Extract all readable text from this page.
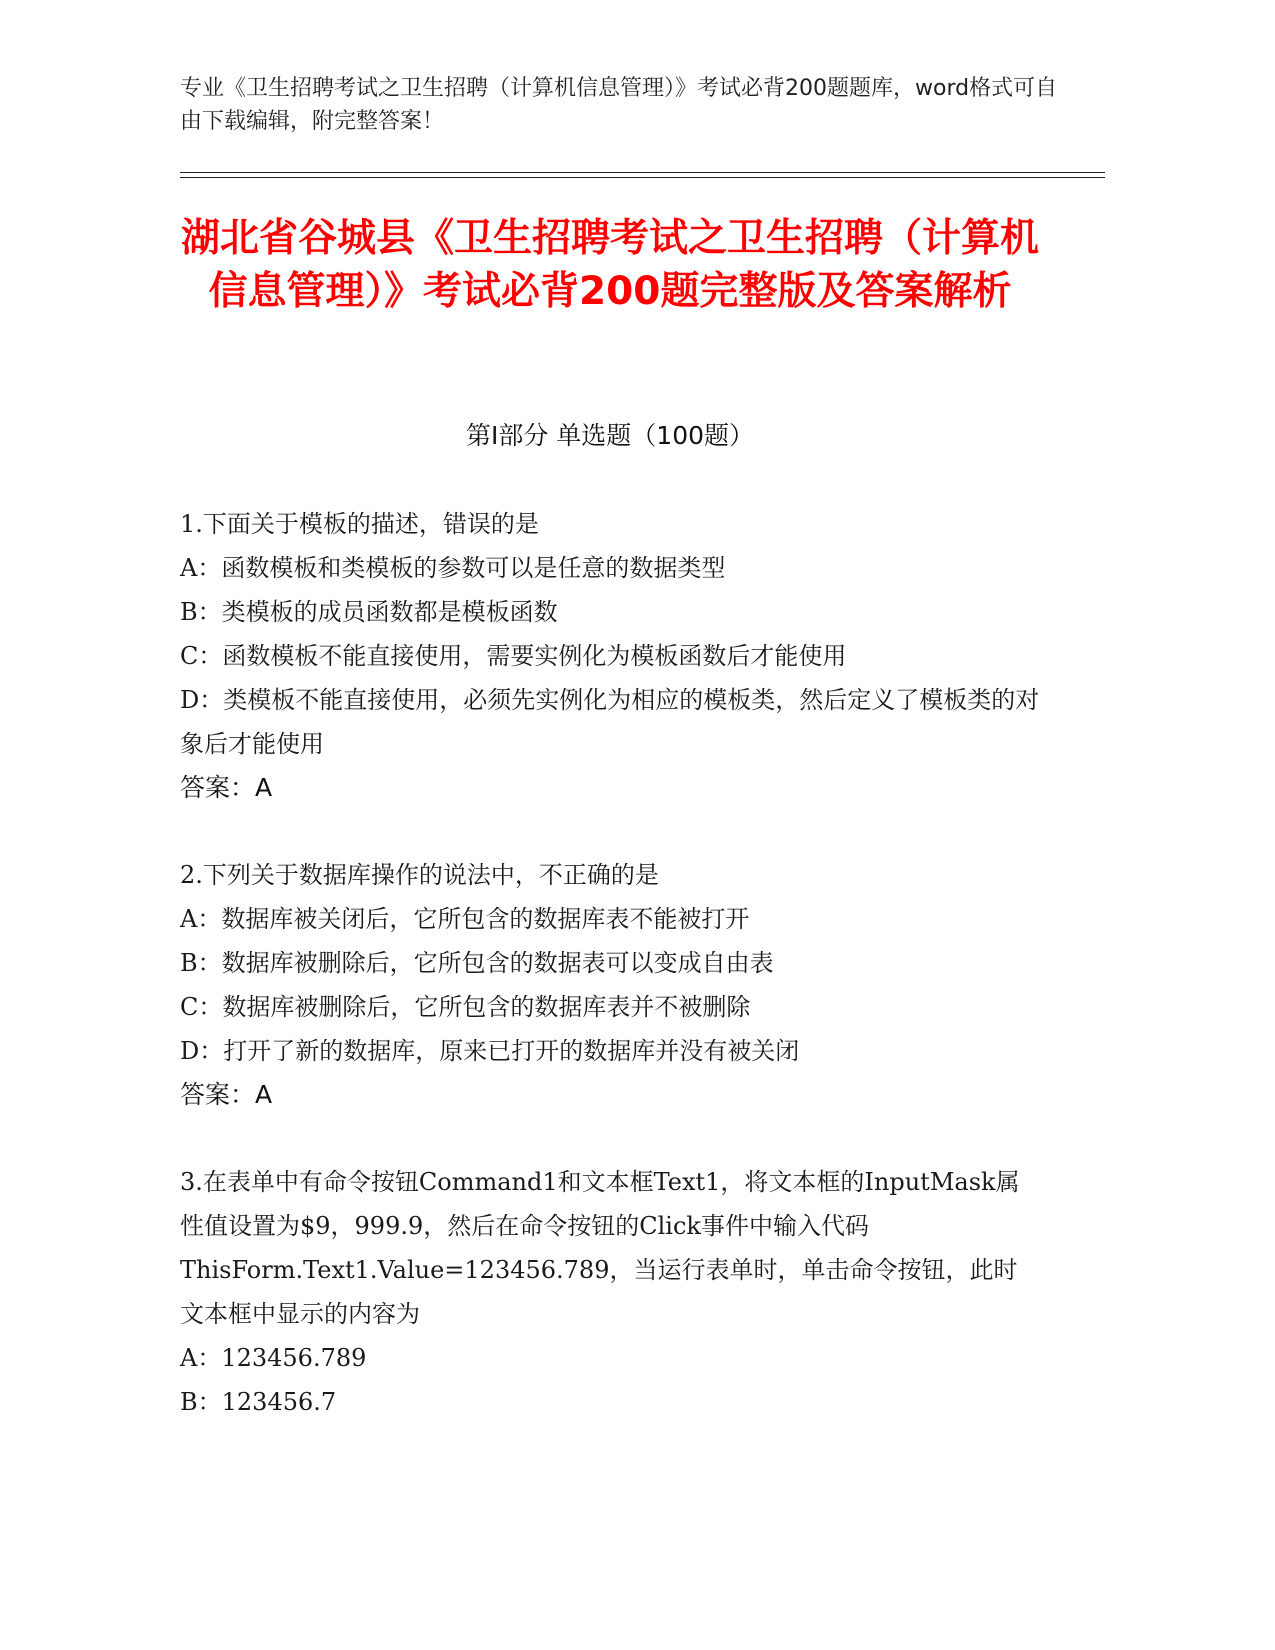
专业《卫生招聘考试之卫生招聘（计算机信息管理）》考试必背200题题库，word格式可自由下载编辑，附完整答案！
湖北省谷城县《卫生招聘考试之卫生招聘（计算机信息管理）》考试必背200题完整版及答案解析
第Ⅰ部分 单选题（100题）

1.下面关于模板的描述，错误的是

A：函数模板和类模板的参数可以是任意的数据类型

B：类模板的成员函数都是模板函数

C：函数模板不能直接使用，需要实例化为模板函数后才能使用

D：类模板不能直接使用，必须先实例化为相应的模板类，然后定义了模板类的对象后才能使用

答案：A

2.下列关于数据库操作的说法中，不正确的是

A：数据库被关闭后，它所包含的数据库表不能被打开

B：数据库被删除后，它所包含的数据表可以变成自由表

C：数据库被删除后，它所包含的数据库表并不被删除

D：打开了新的数据库，原来已打开的数据库并没有被关闭

答案：A

3.在表单中有命令按钮Command1和文本框Text1，将文本框的InputMask属性值设置为$9，999.9，然后在命令按钮的Click事件中输入代码ThisForm.Text1.Value=123456.789，当运行表单时，单击命令按钮，此时文本框中显示的内容为

A：123456.789

B：123456.7
